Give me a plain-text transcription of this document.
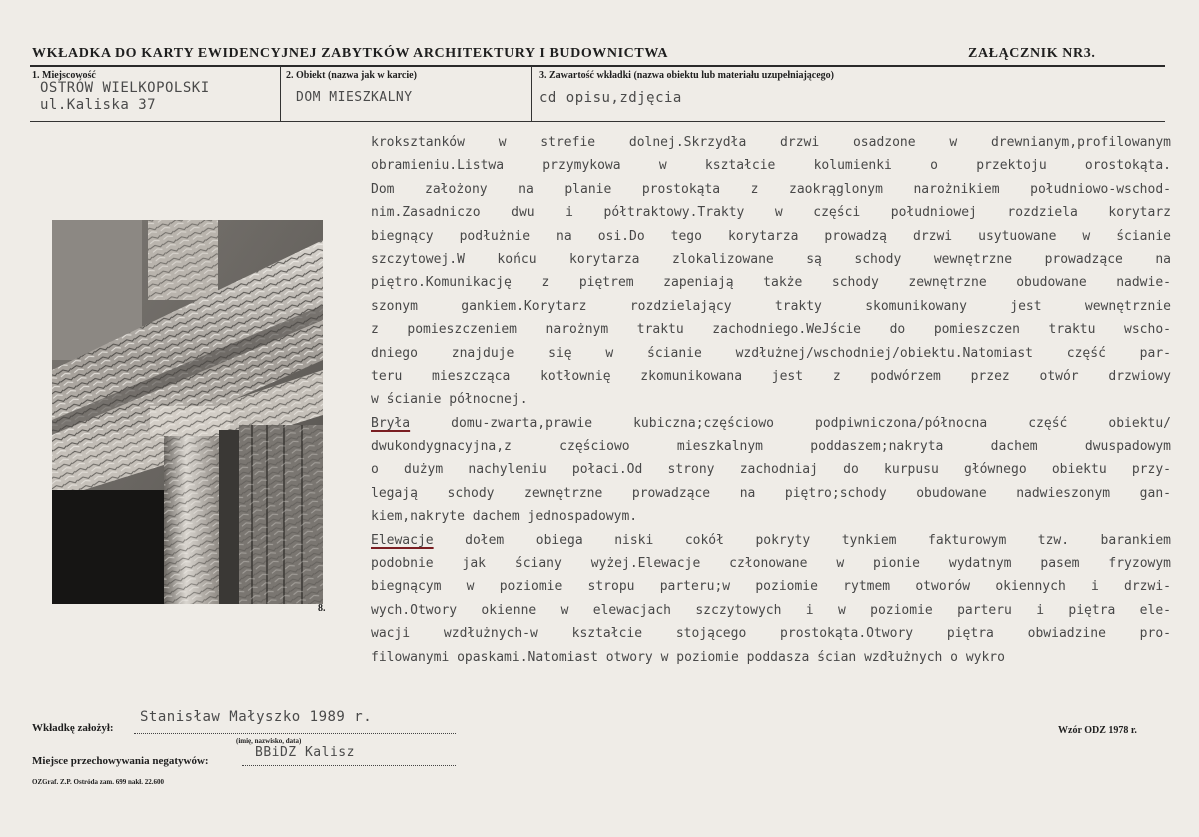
WKŁADKA DO KARTY EWIDENCYJNEJ ZABYTKÓW ARCHITEKTURY I BUDOWNICTWA	ZAŁĄCZNIK NR3.
1. Miejscowość
OSTRÓW WIELKOPOLSKI
ul.Kaliska 37
2. Obiekt (nazwa jak w karcie)
DOM MIESZKALNY
3. Zawartość wkładki (nazwa obiektu lub materiału uzupełniającego)
cd opisu,zdjęcia
8.
kroksztanków w strefie dolnej.Skrzydła drzwi osadzone w drewnianym,profilowanym
obramieniu.Listwa przymykowa w kształcie kolumienki o przektoju orostokąta.
Dom założony na planie prostokąta z zaokrąglonym narożnikiem południowo-wschod-
nim.Zasadniczo dwu i półtraktowy.Trakty w części południowej rozdziela korytarz
biegnący podłużnie na osi.Do tego korytarza prowadzą drzwi usytuowane w ścianie
szczytowej.W końcu korytarza zlokalizowane są schody wewnętrzne prowadzące na
piętro.Komunikację z piętrem zapeniają także schody zewnętrzne obudowane nadwie-
szonym gankiem.Korytarz rozdzielający trakty skomunikowany jest wewnętrznie
z pomieszczeniem narożnym traktu zachodniego.WeJście do pomieszczen traktu wscho-
dniego znajduje się w ścianie wzdłużnej/wschodniej/obiektu.Natomiast część par-
teru mieszcząca kotłownię zkomunikowana jest z podwórzem przez otwór drzwiowy
w ścianie północnej.
Bryła domu-zwarta,prawie kubiczna;częściowo podpiwniczona/północna część obiektu/
dwukondygnacyjna,z częściowo mieszkalnym poddaszem;nakryta dachem dwuspadowym
o dużym nachyleniu połaci.Od strony zachodniaj do kurpusu głównego obiektu przy-
legają schody zewnętrzne prowadzące na piętro;schody obudowane nadwieszonym gan-
kiem,nakryte dachem jednospadowym.
Elewacje dołem obiega niski cokół pokryty tynkiem fakturowym tzw. barankiem
podobnie jak ściany wyżej.Elewacje członowane w pionie wydatnym pasem fryzowym
biegnącym w poziomie stropu parteru;w poziomie rytmem otworów okiennych i drzwi-
wych.Otwory okienne w elewacjach szczytowych i w poziomie parteru i piętra ele-
wacji wzdłużnych-w kształcie stojącego prostokąta.Otwory piętra obwiadzine pro-
filowanymi opaskami.Natomiast otwory w poziomie poddasza ścian wzdłużnych o wykro
Wkładkę założył:
Stanisław Małyszko 1989 r.
(imię, nazwisko, data)
Miejsce przechowywania negatywów:
BBiDZ Kalisz
Wzór ODZ 1978 r.
OZGraf. Z.P. Ostróda zam. 699 nakł. 22.600
